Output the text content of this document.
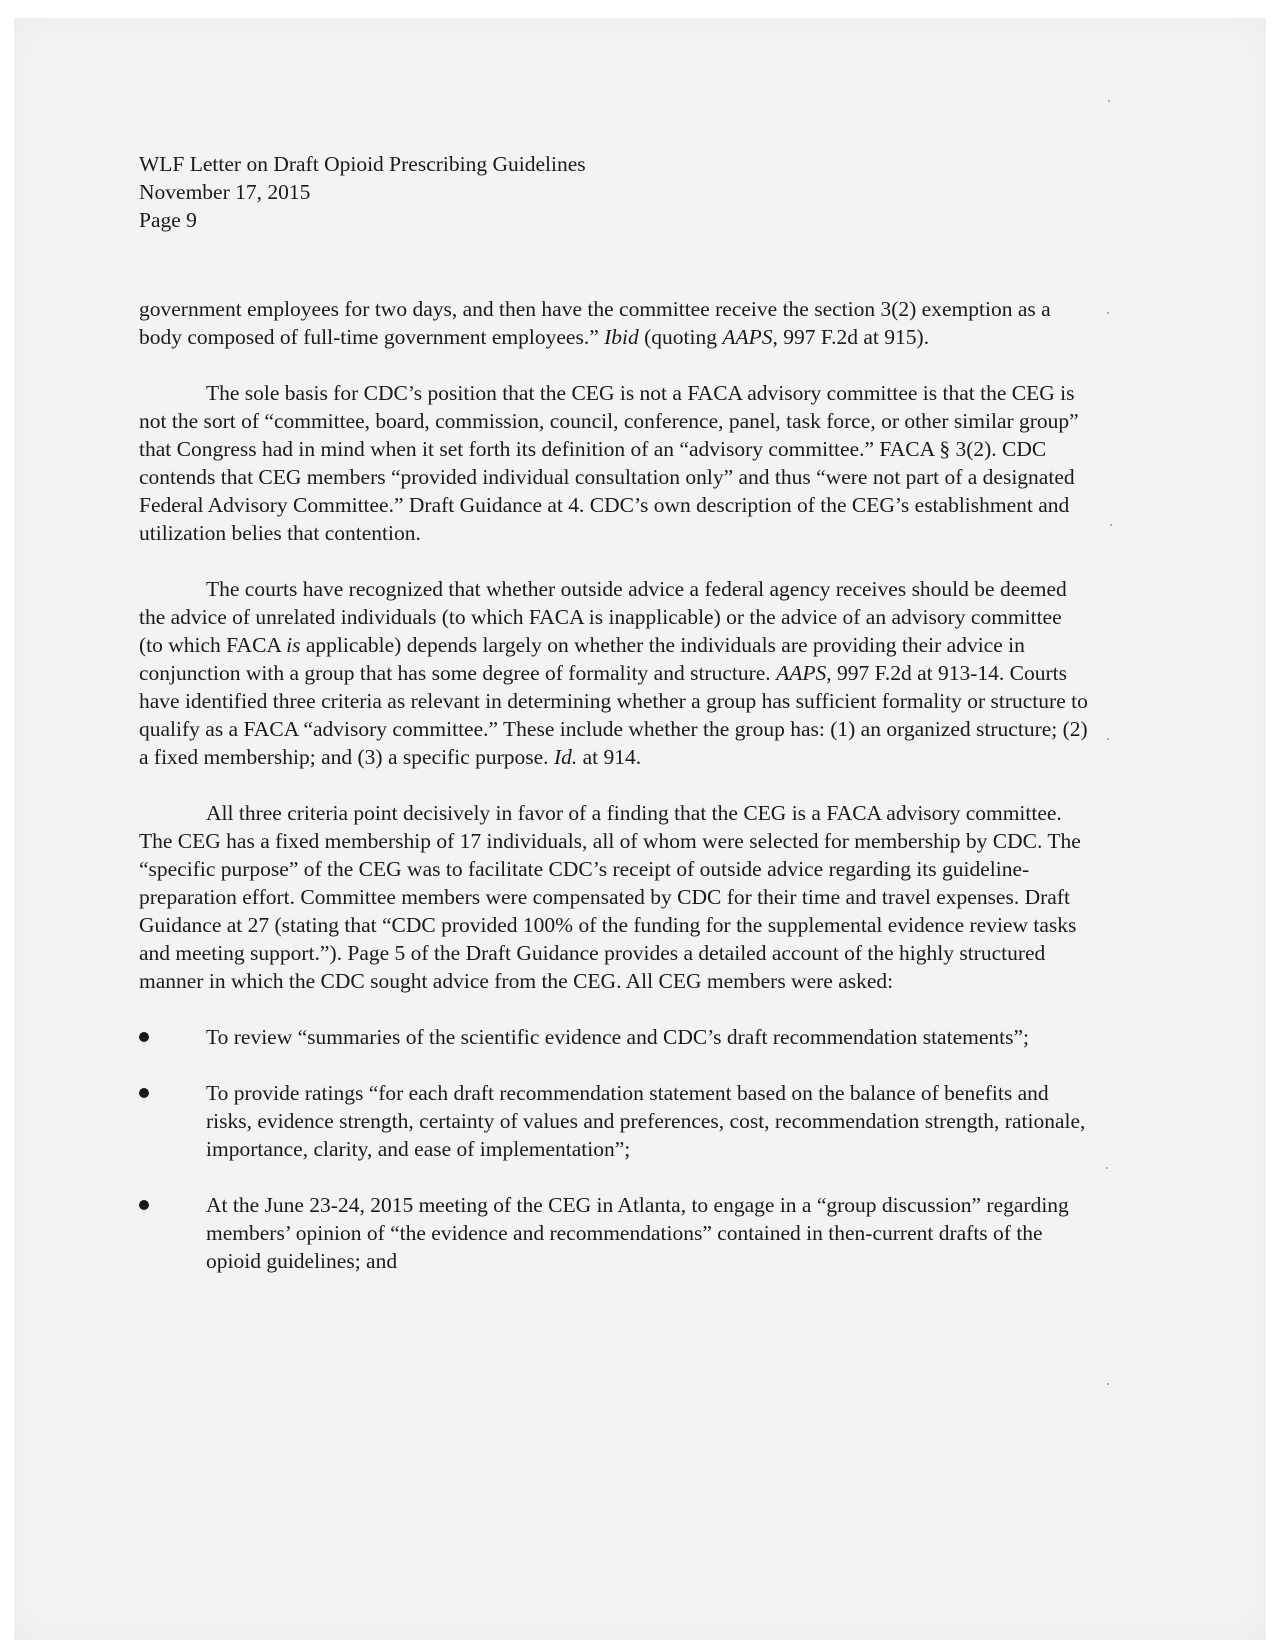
WLF Letter on Draft Opioid Prescribing Guidelines

November 17, 2015

Page 9

government employees for two days, and then have the committee receive the section 3(2) exemption as a body composed of full-time government employees.” Ibid (quoting AAPS, 997 F.2d at 915).

The sole basis for CDC’s position that the CEG is not a FACA advisory committee is that the CEG is not the sort of “committee, board, commission, council, conference, panel, task force, or other similar group” that Congress had in mind when it set forth its definition of an “advisory committee.” FACA § 3(2). CDC contends that CEG members “provided individual consultation only” and thus “were not part of a designated Federal Advisory Committee.” Draft Guidance at 4. CDC’s own description of the CEG’s establishment and utilization belies that contention.

The courts have recognized that whether outside advice a federal agency receives should be deemed the advice of unrelated individuals (to which FACA is inapplicable) or the advice of an advisory committee (to which FACA is applicable) depends largely on whether the individuals are providing their advice in conjunction with a group that has some degree of formality and structure. AAPS, 997 F.2d at 913-14. Courts have identified three criteria as relevant in determining whether a group has sufficient formality or structure to qualify as a FACA “advisory committee.” These include whether the group has: (1) an organized structure; (2) a fixed membership; and (3) a specific purpose. Id. at 914.

All three criteria point decisively in favor of a finding that the CEG is a FACA advisory committee. The CEG has a fixed membership of 17 individuals, all of whom were selected for membership by CDC. The “specific purpose” of the CEG was to facilitate CDC’s receipt of outside advice regarding its guideline-preparation effort. Committee members were compensated by CDC for their time and travel expenses. Draft Guidance at 27 (stating that “CDC provided 100% of the funding for the supplemental evidence review tasks and meeting support.”). Page 5 of the Draft Guidance provides a detailed account of the highly structured manner in which the CDC sought advice from the CEG. All CEG members were asked:

To review “summaries of the scientific evidence and CDC’s draft recommendation statements”;

To provide ratings “for each draft recommendation statement based on the balance of benefits and risks, evidence strength, certainty of values and preferences, cost, recommendation strength, rationale, importance, clarity, and ease of implementation”;

At the June 23-24, 2015 meeting of the CEG in Atlanta, to engage in a “group discussion” regarding members’ opinion of “the evidence and recommendations” contained in then-current drafts of the opioid guidelines; and
